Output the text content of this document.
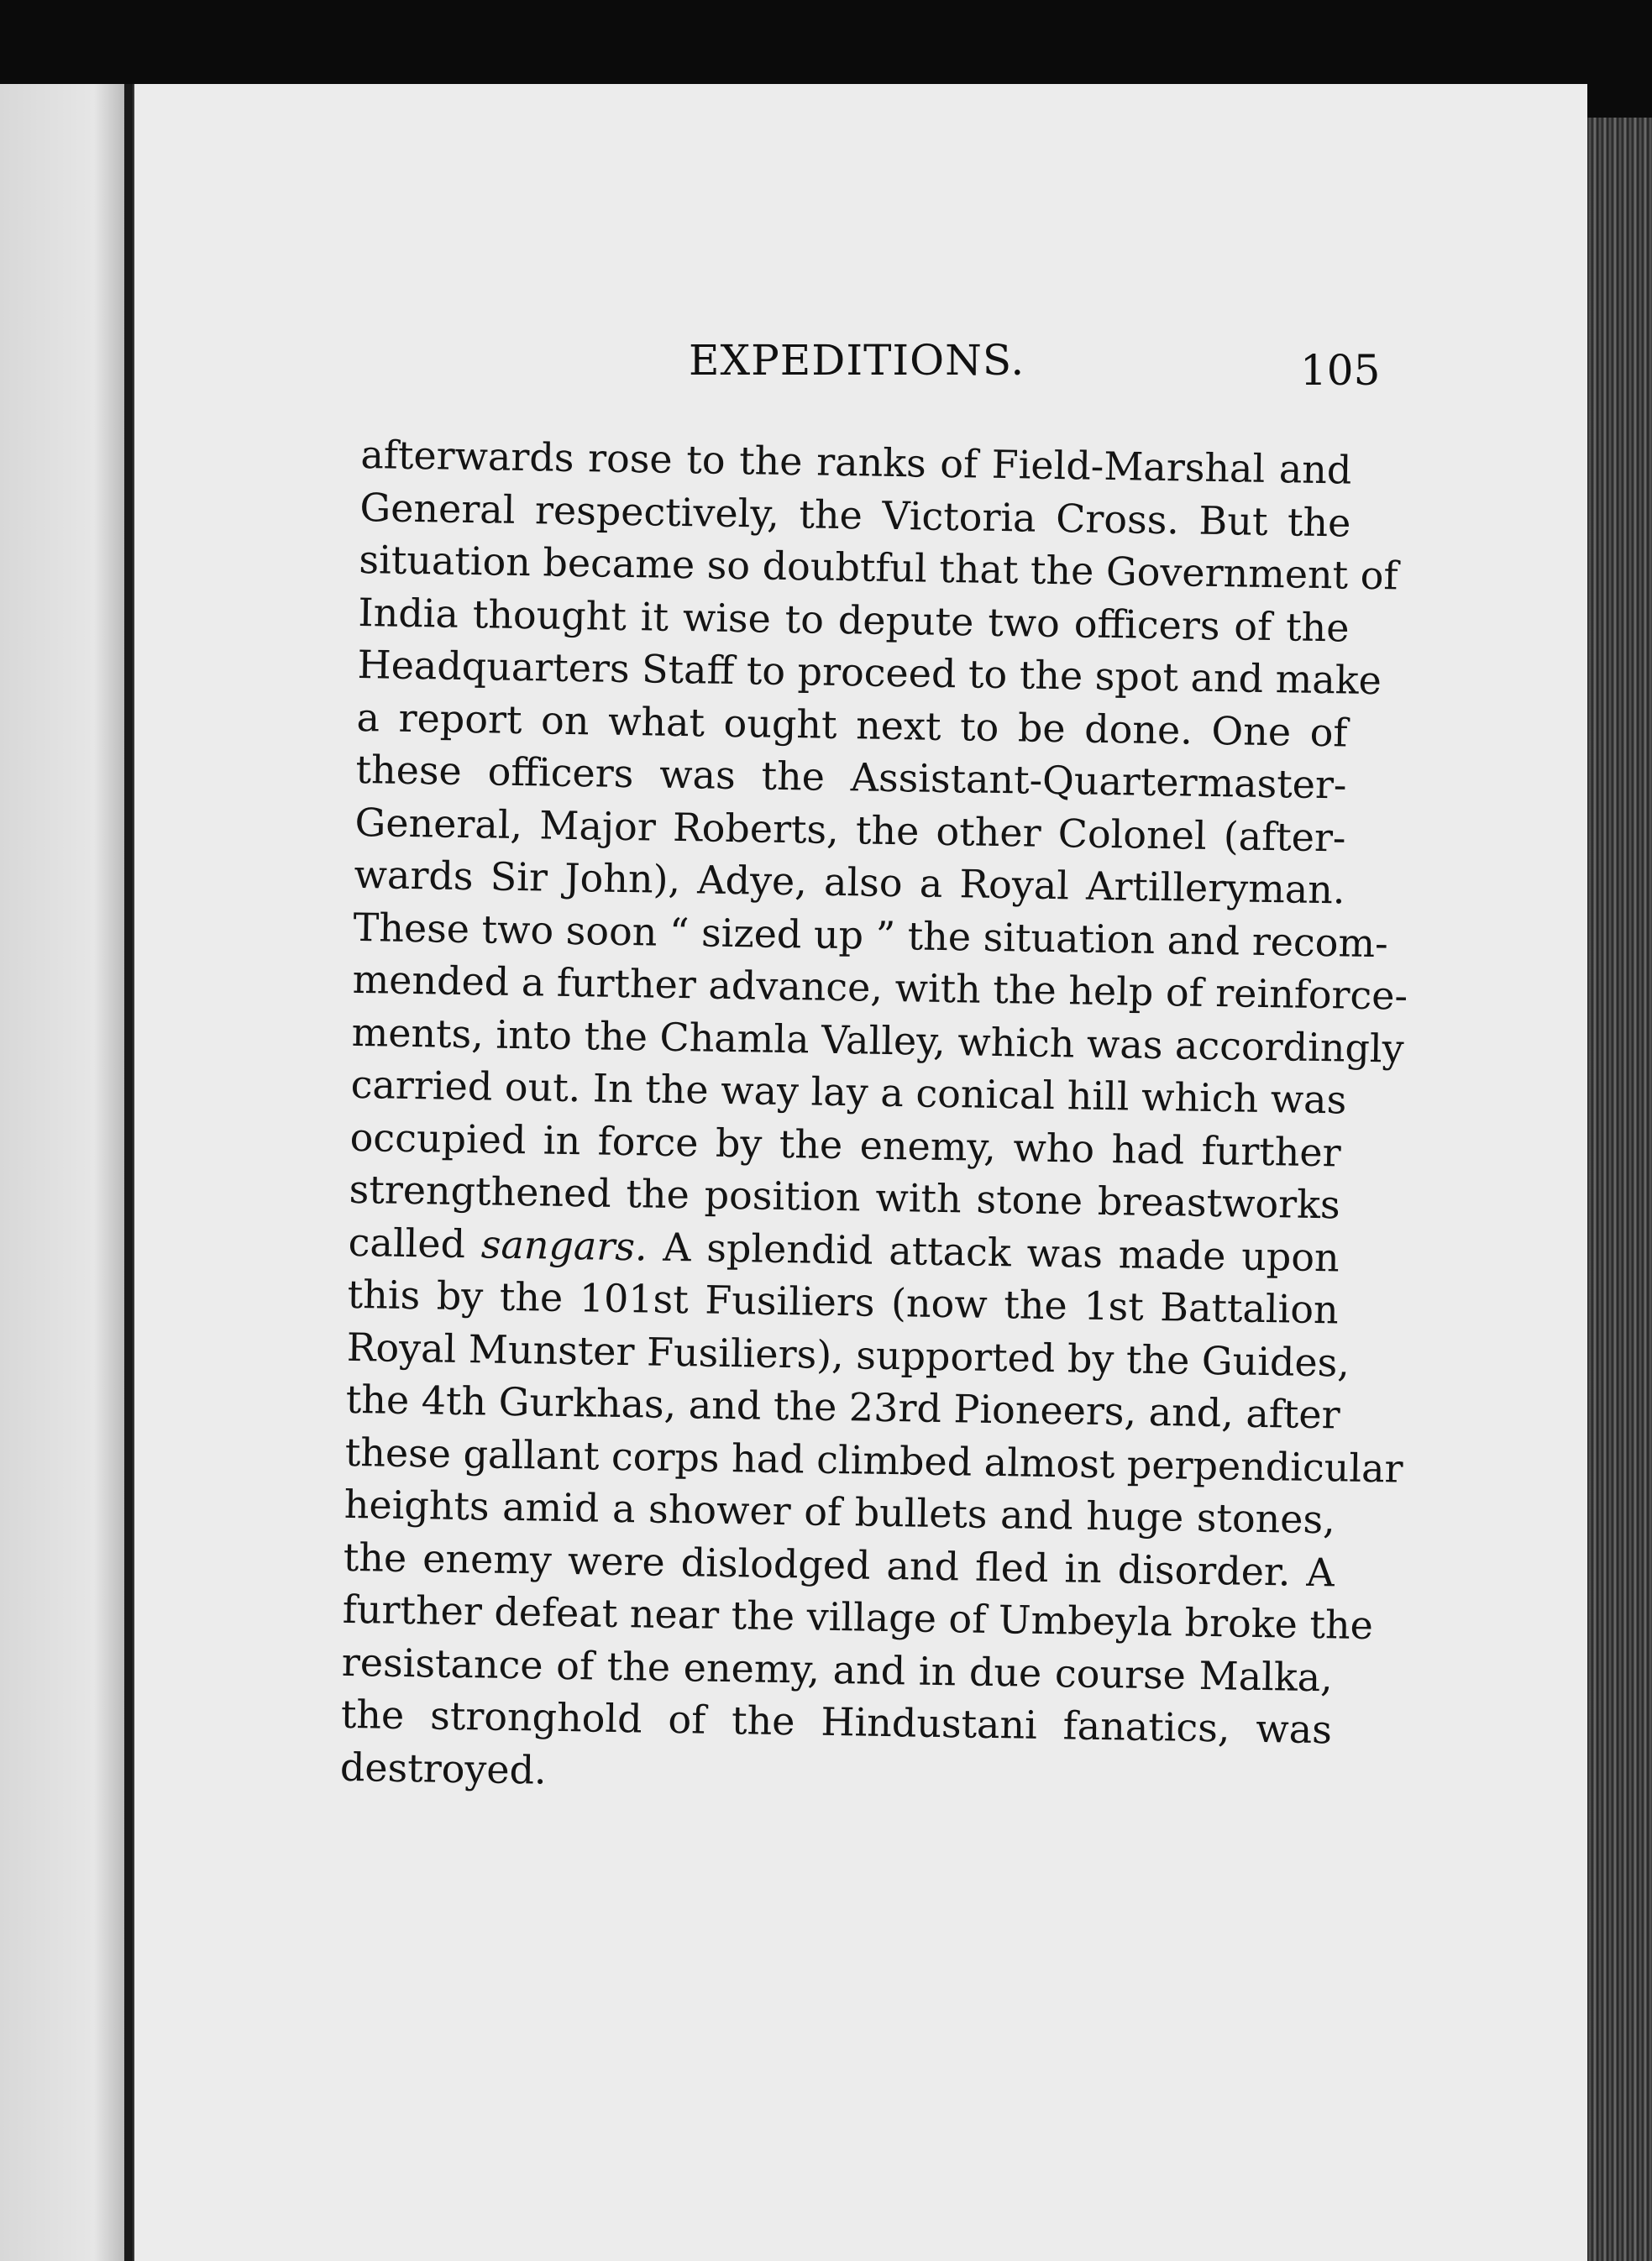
EXPEDITIONS.	105
afterwards rose to the ranks of Field-Marshal and
General respectively, the Victoria Cross. But the
situation became so doubtful that the Government of
India thought it wise to depute two officers of the
Headquarters Staff to proceed to the spot and make
a report on what ought next to be done. One of
these officers was the Assistant-Quartermaster-
General, Major Roberts, the other Colonel (after-
wards Sir John), Adye, also a Royal Artilleryman.
These two soon “ sized up ” the situation and recom-
mended a further advance, with the help of reinforce-
ments, into the Chamla Valley, which was accordingly
carried out. In the way lay a conical hill which was
occupied in force by the enemy, who had further
strengthened the position with stone breastworks
called sangars. A splendid attack was made upon
this by the 101st Fusiliers (now the 1st Battalion
Royal Munster Fusiliers), supported by the Guides,
the 4th Gurkhas, and the 23rd Pioneers, and, after
these gallant corps had climbed almost perpendicular
heights amid a shower of bullets and huge stones,
the enemy were dislodged and fled in disorder. A
further defeat near the village of Umbeyla broke the
resistance of the enemy, and in due course Malka,
the stronghold of the Hindustani fanatics, was
destroyed.
